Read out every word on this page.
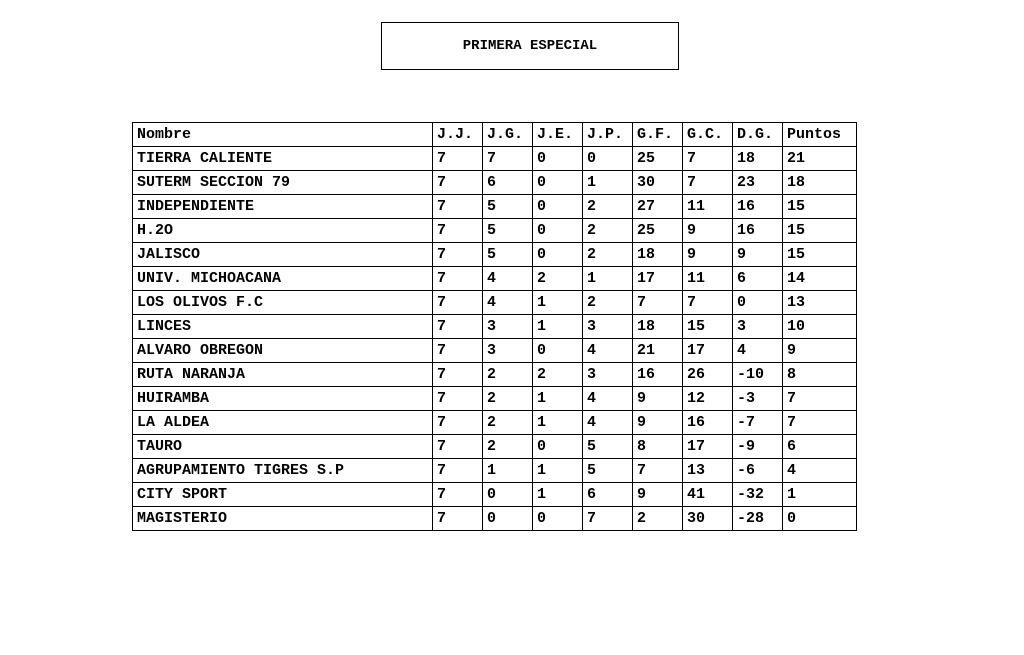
PRIMERA ESPECIAL
Nombre	J.J.	J.G.	J.E.	J.P.	G.F.	G.C.	D.G.	Puntos
TIERRA CALIENTE	7	7	0	0	25	7	18	21
SUTERM SECCION 79	7	6	0	1	30	7	23	18
INDEPENDIENTE	7	5	0	2	27	11	16	15
H.2O	7	5	0	2	25	9	16	15
JALISCO	7	5	0	2	18	9	9	15
UNIV. MICHOACANA	7	4	2	1	17	11	6	14
LOS OLIVOS F.C	7	4	1	2	7	7	0	13
LINCES	7	3	1	3	18	15	3	10
ALVARO OBREGON	7	3	0	4	21	17	4	9
RUTA NARANJA	7	2	2	3	16	26	-10	8
HUIRAMBA	7	2	1	4	9	12	-3	7
LA ALDEA	7	2	1	4	9	16	-7	7
TAURO	7	2	0	5	8	17	-9	6
AGRUPAMIENTO TIGRES S.P	7	1	1	5	7	13	-6	4
CITY SPORT	7	0	1	6	9	41	-32	1
MAGISTERIO	7	0	0	7	2	30	-28	0
